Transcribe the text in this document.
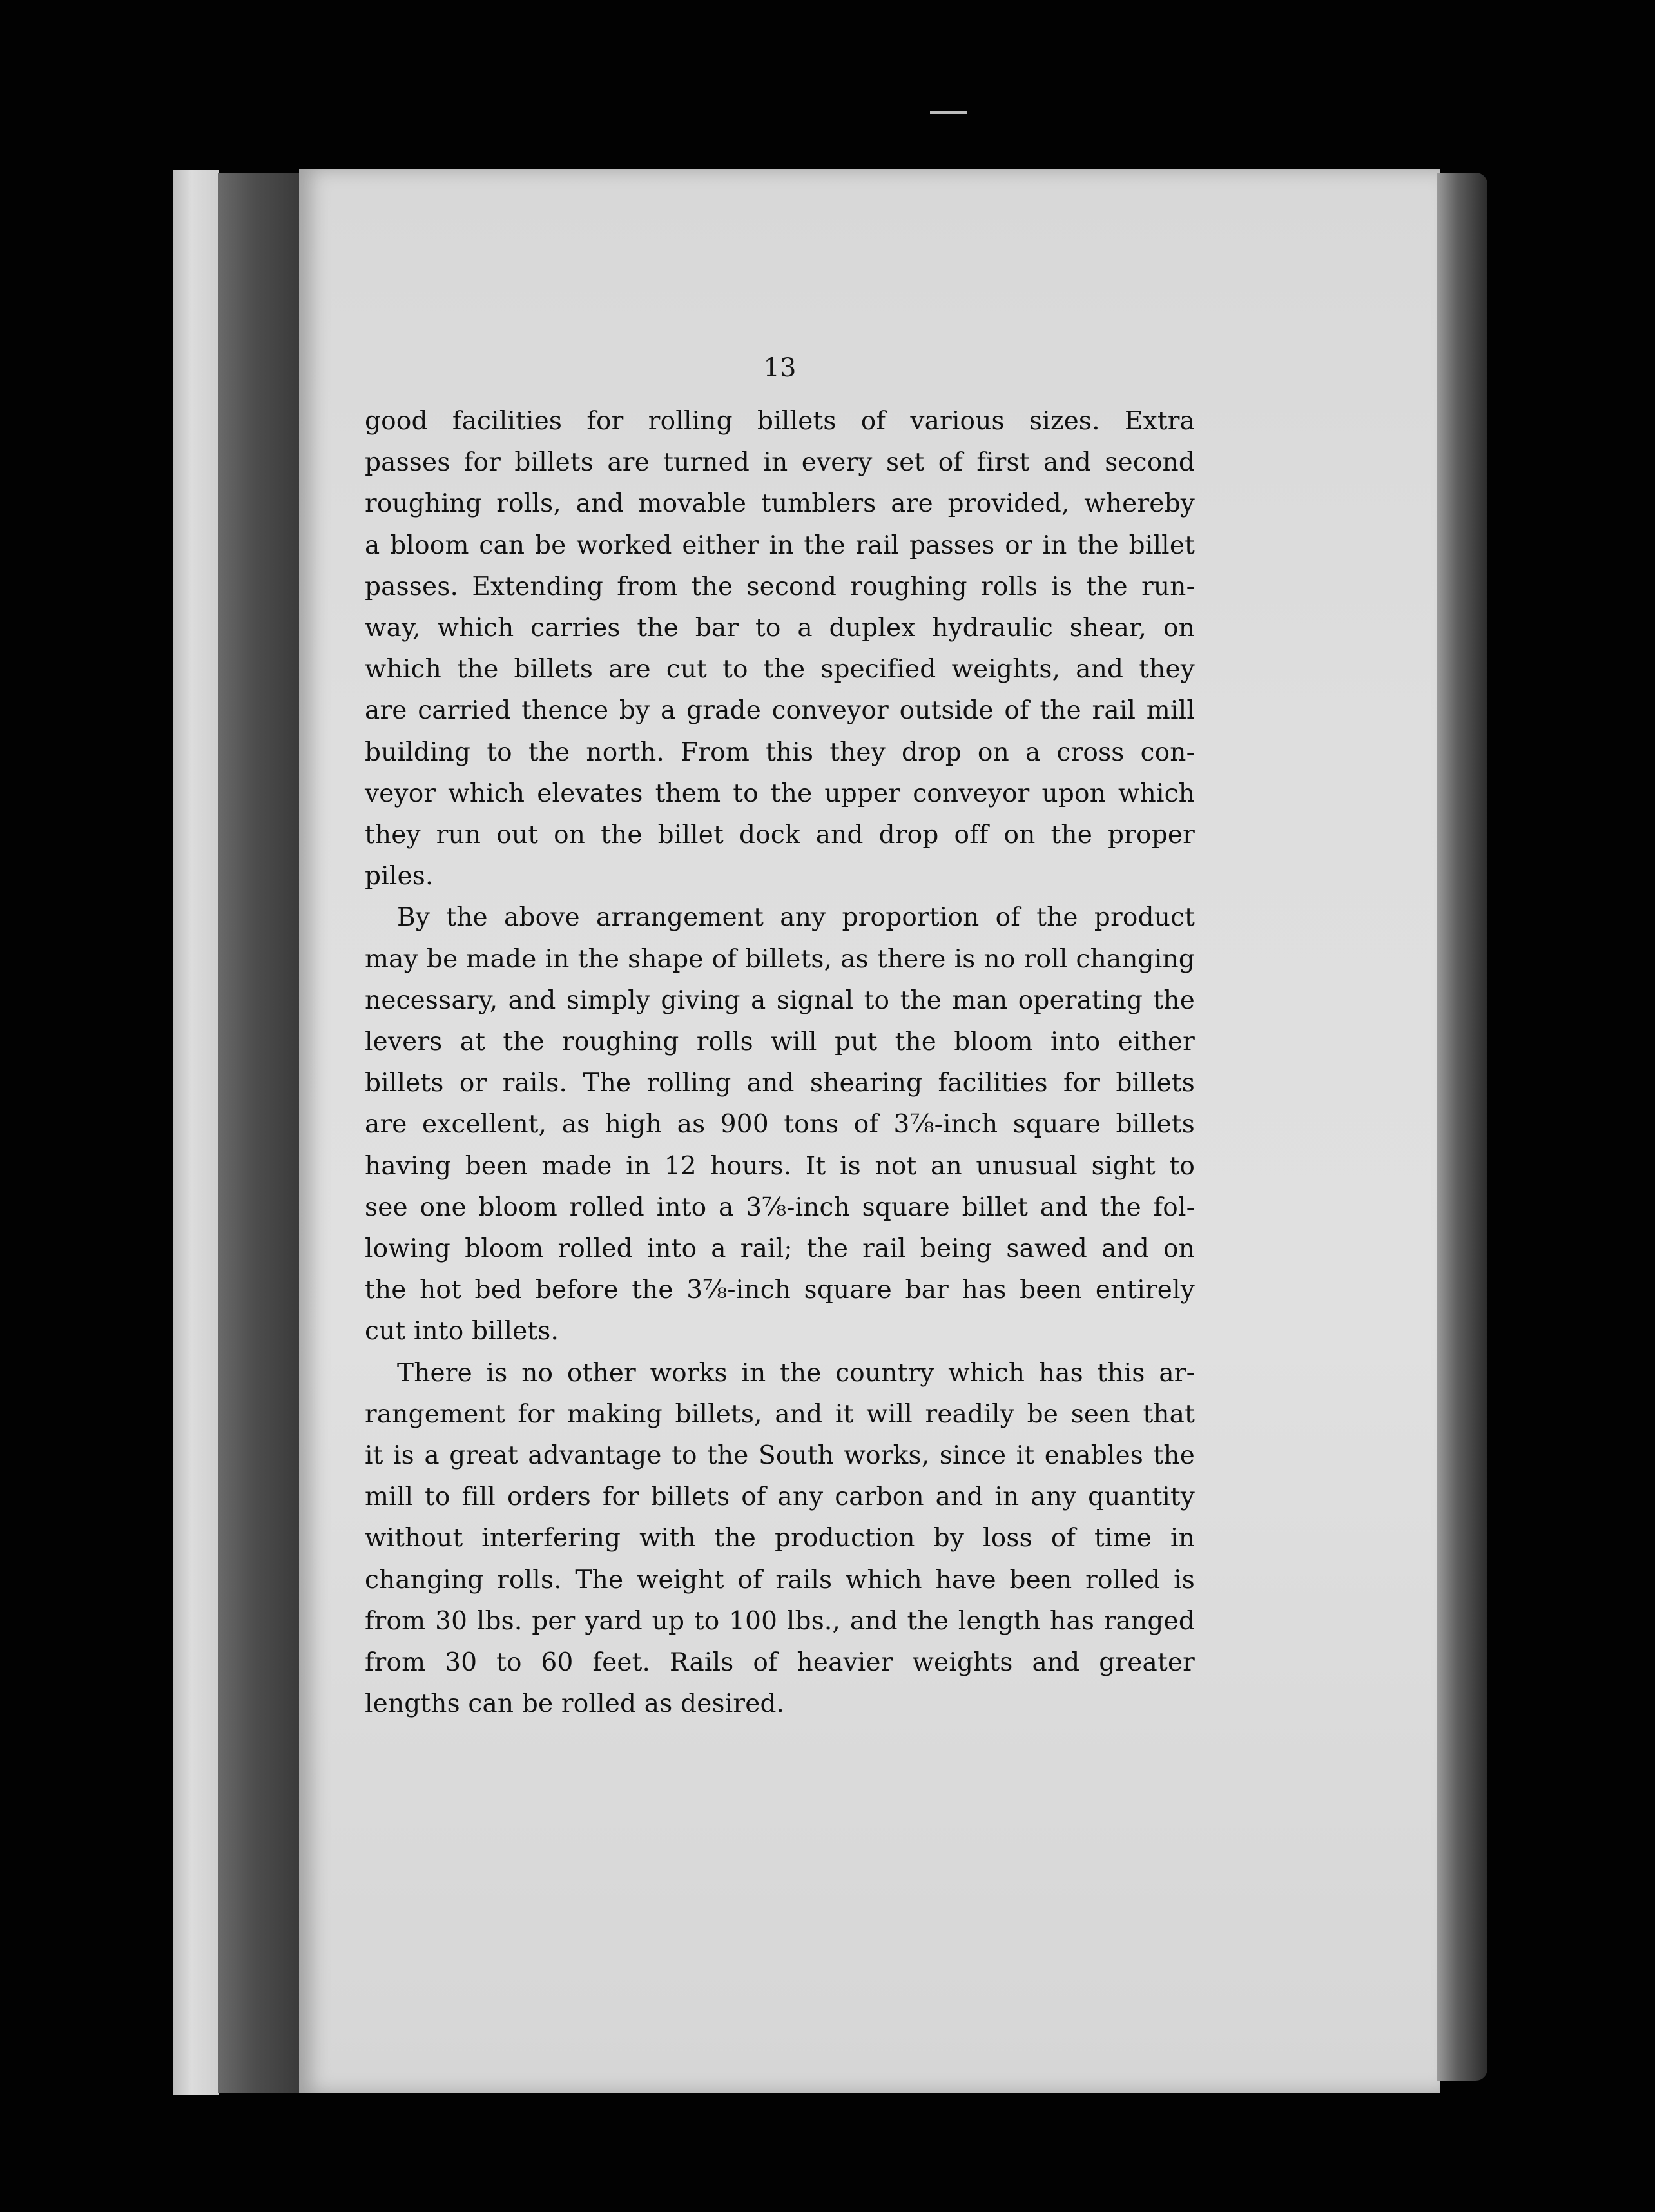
13
good facilities for rolling billets of various sizes. Extra
passes for billets are turned in every set of first and second
roughing rolls, and movable tumblers are provided, whereby
a bloom can be worked either in the rail passes or in the billet
passes. Extending from the second roughing rolls is the run-
way, which carries the bar to a duplex hydraulic shear, on
which the billets are cut to the specified weights, and they
are carried thence by a grade conveyor outside of the rail mill
building to the north. From this they drop on a cross con-
veyor which elevates them to the upper conveyor upon which
they run out on the billet dock and drop off on the proper
piles.
By the above arrangement any proportion of the product
may be made in the shape of billets, as there is no roll changing
necessary, and simply giving a signal to the man operating the
levers at the roughing rolls will put the bloom into either
billets or rails. The rolling and shearing facilities for billets
are excellent, as high as 900 tons of 3⅞-inch square billets
having been made in 12 hours. It is not an unusual sight to
see one bloom rolled into a 3⅞-inch square billet and the fol-
lowing bloom rolled into a rail; the rail being sawed and on
the hot bed before the 3⅞-inch square bar has been entirely
cut into billets.
There is no other works in the country which has this ar-
rangement for making billets, and it will readily be seen that
it is a great advantage to the South works, since it enables the
mill to fill orders for billets of any carbon and in any quantity
without interfering with the production by loss of time in
changing rolls. The weight of rails which have been rolled is
from 30 lbs. per yard up to 100 lbs., and the length has ranged
from 30 to 60 feet. Rails of heavier weights and greater
lengths can be rolled as desired.
